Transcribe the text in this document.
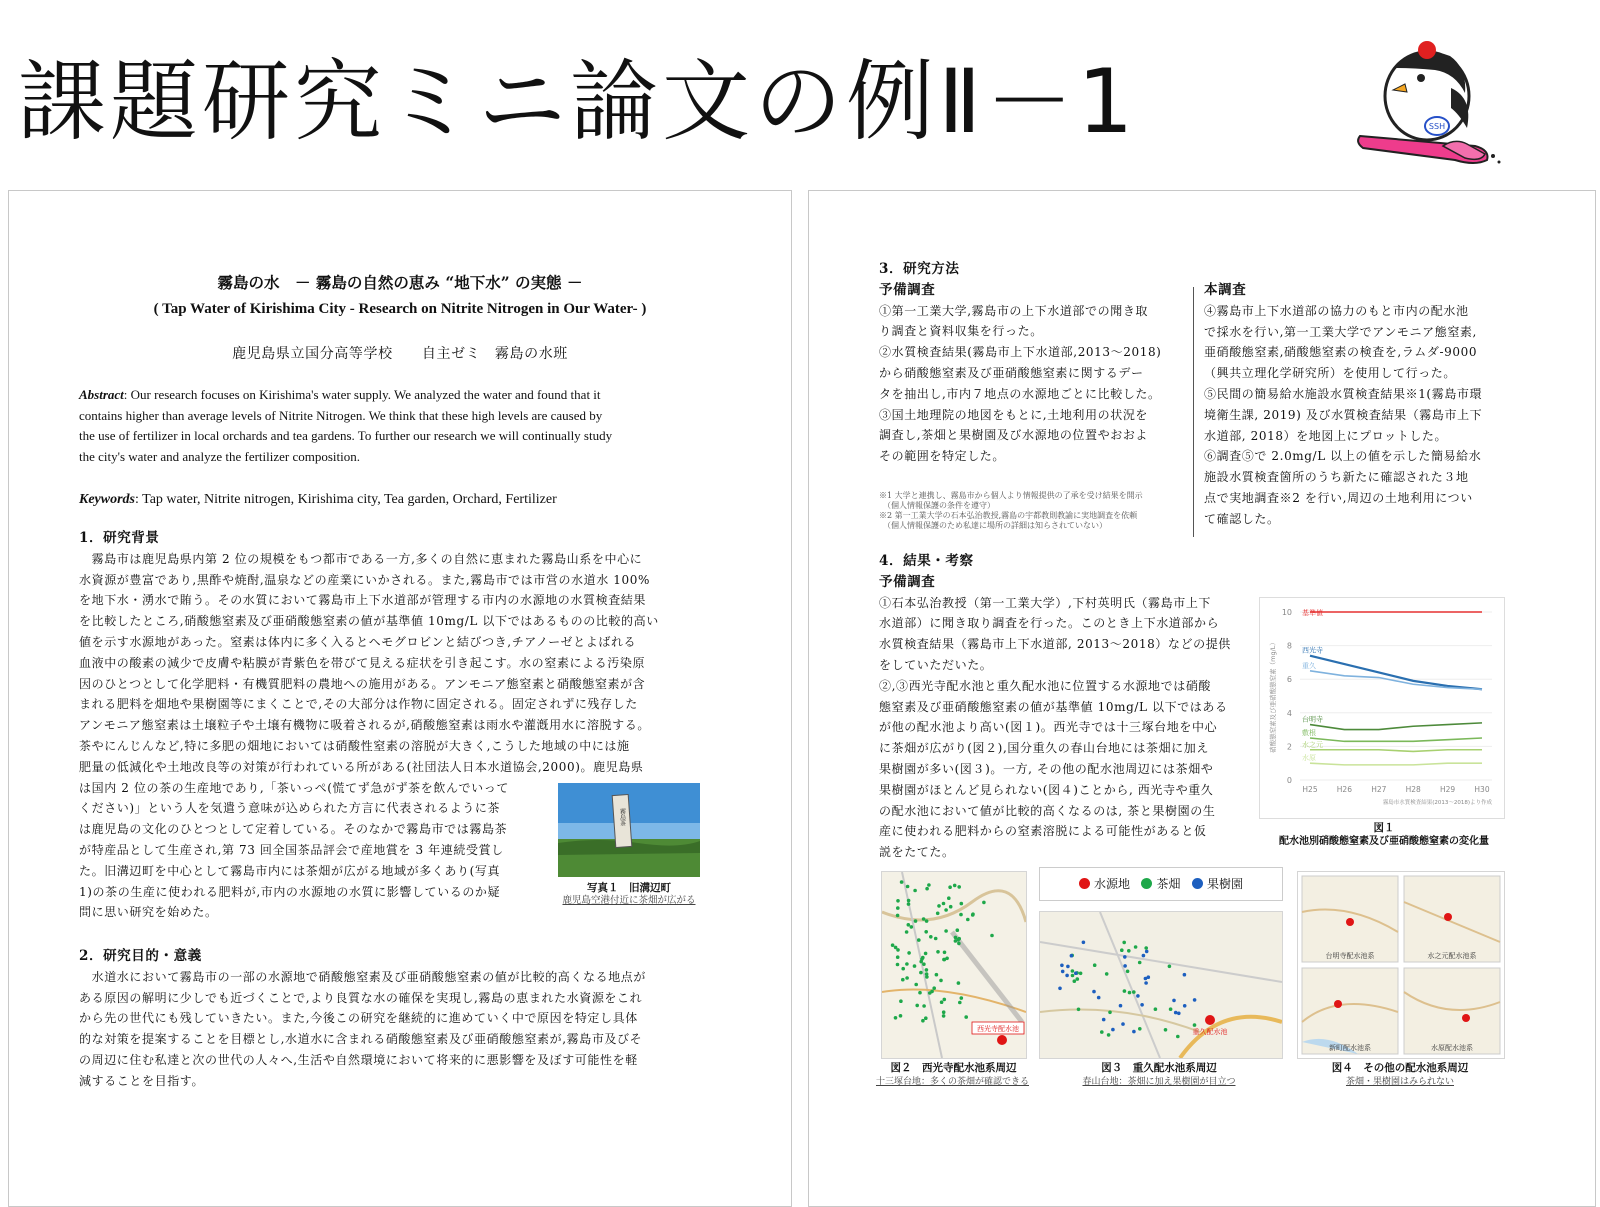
課題研究ミニ論文の例Ⅱ－1	SSH
霧島の水　－ 霧島の自然の恵み “地下水” の実態 －
( Tap Water of Kirishima City - Research on Nitrite Nitrogen in Our Water- )
鹿児島県立国分高等学校　　自主ゼミ　霧島の水班
Abstract: Our research focuses on Kirishima's water supply. We analyzed the water and found that it
contains higher than average levels of Nitrite Nitrogen. We think that these high levels are caused by
the use of fertilizer in local orchards and tea gardens. To further our research we will continually study
the city's water and analyze the fertilizer composition.
Keywords: Tap water, Nitrite nitrogen, Kirishima city, Tea garden, Orchard, Fertilizer
1．研究背景
　霧島市は鹿児島県内第 2 位の規模をもつ都市である一方,多くの自然に恵まれた霧島山系を中心に
水資源が豊富であり,黒酢や焼酎,温泉などの産業にいかされる。また,霧島市では市営の水道水 100%
を地下水・湧水で賄う。その水質において霧島市上下水道部が管理する市内の水源地の水質検査結果
を比較したところ,硝酸態窒素及び亜硝酸態窒素の値が基準値 10mg/L 以下ではあるものの比較的高い
値を示す水源地があった。窒素は体内に多く入るとヘモグロビンと結びつき,チアノーゼとよばれる
血液中の酸素の減少で皮膚や粘膜が青紫色を帯びて見える症状を引き起こす。水の窒素による汚染原
因のひとつとして化学肥料・有機質肥料の農地への施用がある。アンモニア態窒素と硝酸態窒素が含
まれる肥料を畑地や果樹園等にまくことで,その大部分は作物に固定される。固定されずに残存した
アンモニア態窒素は土壌粒子や土壌有機物に吸着されるが,硝酸態窒素は雨水や灌漑用水に溶脱する。
茶やにんじんなど,特に多肥の畑地においては硝酸性窒素の溶脱が大きく,こうした地域の中には施
肥量の低減化や土地改良等の対策が行われている所がある(社団法人日本水道協会,2000)。鹿児島県
は国内 2 位の茶の生産地であり,「茶いっぺ(慌てず急がず茶を飲んでいって
ください)」という人を気遣う意味が込められた方言に代表されるように茶
は鹿児島の文化のひとつとして定着している。そのなかで霧島市では霧島茶
が特産品として生産され,第 73 回全国茶品評会で産地賞を 3 年連続受賞し
た。旧溝辺町を中心として霧島市内には茶畑が広がる地域が多くあり(写真
1)の茶の生産に使われる肥料が,市内の水源地の水質に影響しているのか疑
問に思い研究を始めた。
霧島茶
写真１　旧溝辺町
鹿児島空港付近に茶畑が広がる
2．研究目的・意義
　水道水において霧島市の一部の水源地で硝酸態窒素及び亜硝酸態窒素の値が比較的高くなる地点が
ある原因の解明に少しでも近づくことで,より良質な水の確保を実現し,霧島の恵まれた水資源をこれ
から先の世代にも残していきたい。また,今後この研究を継続的に進めていく中で原因を特定し具体
的な対策を提案することを目標とし,水道水に含まれる硝酸態窒素及び亜硝酸態窒素が,霧島市及びそ
の周辺に住む私達と次の世代の人々へ,生活や自然環境において将来的に悪影響を及ぼす可能性を軽
減することを目指す。
3．研究方法
予備調査
①第一工業大学,霧島市の上下水道部での聞き取
り調査と資料収集を行った。
②水質検査結果(霧島市上下水道部,2013～2018)
から硝酸態窒素及び亜硝酸態窒素に関するデー
タを抽出し,市内７地点の水源地ごとに比較した。
③国土地理院の地図をもとに,土地利用の状況を
調査し,茶畑と果樹園及び水源地の位置やおおよ
その範囲を特定した。
※1 大学と連携し、霧島市から個人より情報提供の了承を受け結果を開示
　（個人情報保護の条件を遵守）
※2 第一工業大学の石本弘治教授,霧島の宇都教則教諭に実地調査を依頼
　（個人情報保護のため私達に場所の詳細は知らされていない）
本調査
④霧島市上下水道部の協力のもと市内の配水池
で採水を行い,第一工業大学でアンモニア態窒素,
亜硝酸態窒素,硝酸態窒素の検査を,ラムダ-9000
（興共立理化学研究所）を使用して行った。
⑤民間の簡易給水施設水質検査結果※1(霧島市環
境衛生課, 2019) 及び水質検査結果（霧島市上下
水道部, 2018）を地図上にプロットした。
⑥調査⑤で 2.0mg/L 以上の値を示した簡易給水
施設水質検査箇所のうち新たに確認された３地
点で実地調査※2 を行い,周辺の土地利用につい
て確認した。
4．結果・考察
予備調査
①石本弘治教授（第一工業大学）,下村英明氏（霧島市上下
水道部）に聞き取り調査を行った。このとき上下水道部から
水質検査結果（霧島市上下水道部, 2013～2018）などの提供
をしていただいた。
②,③西光寺配水池と重久配水池に位置する水源地では硝酸
態窒素及び亜硝酸態窒素の値が基準値 10mg/L 以下ではある
が他の配水池より高い(図１)。西光寺では十三塚台地を中心
に茶畑が広がり(図２),国分重久の春山台地には茶畑に加え
果樹園が多い(図３)。一方, その他の配水池周辺には茶畑や
果樹園がほとんど見られない(図４)ことから, 西光寺や重久
の配水池において値が比較的高くなるのは, 茶と果樹園の生
産に使われる肥料からの窒素溶脱による可能性があると仮
説をたてた。
0
2
4
6
8
10
H25	H26	H27	H28	H29	H30
硝酸態窒素及び亜硝酸態窒素（mg/L）
基準値
西光寺
重久
台明寺
敷根
水之元
水原
霧島市水質検査結果(2013～2018)より作成
図１
配水池別硝酸態窒素及び亜硝酸態窒素の変化量
水源地 茶畑 果樹園
西光寺配水池
図２　西光寺配水池系周辺
十三塚台地：多くの茶畑が確認できる
重久配水池
図３　重久配水池系周辺
春山台地：茶畑に加え果樹園が目立つ
台明寺配水池系	水之元配水池系
新町配水池系	水原配水池系
図４　その他の配水池系周辺
茶畑・果樹園はみられない
